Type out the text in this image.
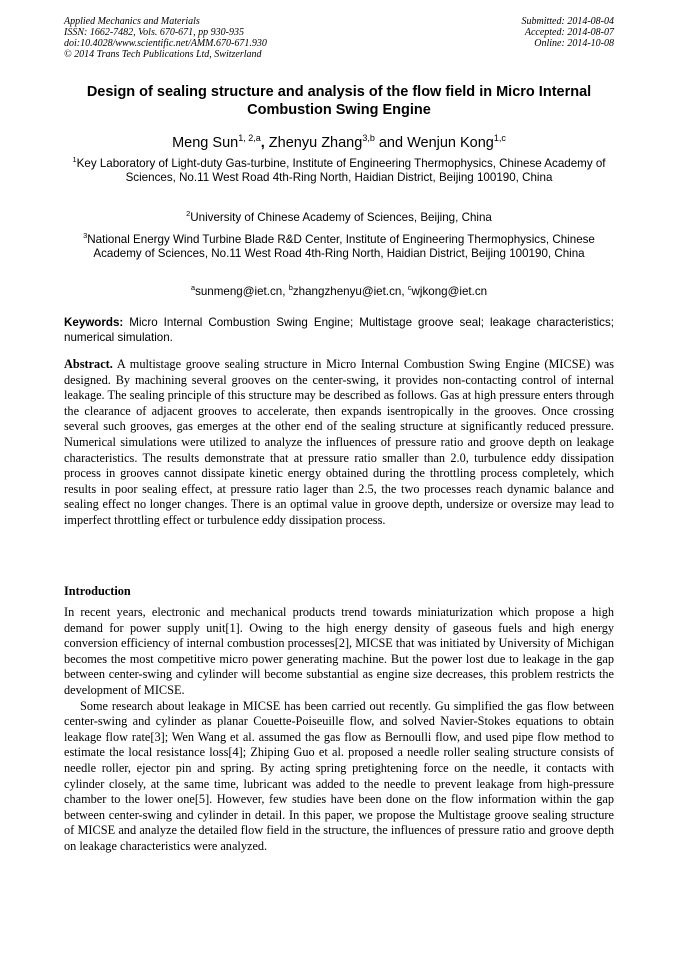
Applied Mechanics and Materials
ISSN: 1662-7482, Vols. 670-671, pp 930-935
doi:10.4028/www.scientific.net/AMM.670-671.930
© 2014 Trans Tech Publications Ltd, Switzerland
Submitted: 2014-08-04
Accepted: 2014-08-07
Online: 2014-10-08
Design of sealing structure and analysis of the flow field in Micro Internal Combustion Swing Engine
Meng Sun$^{1, 2,a}$, Zhenyu Zhang$^{3,b}$ and Wenjun Kong$^{1,c}$
$^1$Key Laboratory of Light-duty Gas-turbine, Institute of Engineering Thermophysics, Chinese Academy of Sciences, No.11 West Road 4th-Ring North, Haidian District, Beijing 100190, China
$^2$University of Chinese Academy of Sciences, Beijing, China
$^3$National Energy Wind Turbine Blade R&D Center, Institute of Engineering Thermophysics, Chinese Academy of Sciences, No.11 West Road 4th-Ring North, Haidian District, Beijing 100190, China
$^a$sunmeng@iet.cn, $^b$zhangzhenyu@iet.cn, $^c$wjkong@iet.cn
Keywords: Micro Internal Combustion Swing Engine; Multistage groove seal; leakage characteristics; numerical simulation.
Abstract. A multistage groove sealing structure in Micro Internal Combustion Swing Engine (MICSE) was designed. By machining several grooves on the center-swing, it provides non-contacting control of internal leakage. The sealing principle of this structure may be described as follows. Gas at high pressure enters through the clearance of adjacent grooves to accelerate, then expands isentropically in the grooves. Once crossing several such grooves, gas emerges at the other end of the sealing structure at significantly reduced pressure. Numerical simulations were utilized to analyze the influences of pressure ratio and groove depth on leakage characteristics. The results demonstrate that at pressure ratio smaller than 2.0, turbulence eddy dissipation process in grooves cannot dissipate kinetic energy obtained during the throttling process completely, which results in poor sealing effect, at pressure ratio lager than 2.5, the two processes reach dynamic balance and sealing effect no longer changes. There is an optimal value in groove depth, undersize or oversize may lead to imperfect throttling effect or turbulence eddy dissipation process.
Introduction

In recent years, electronic and mechanical products trend towards miniaturization which propose a high demand for power supply unit[1]. Owing to the high energy density of gaseous fuels and high energy conversion efficiency of internal combustion processes[2], MICSE that was initiated by University of Michigan becomes the most competitive micro power generating machine. But the power lost due to leakage in the gap between center-swing and cylinder will become substantial as engine size decreases, this problem restricts the development of MICSE.

Some research about leakage in MICSE has been carried out recently. Gu simplified the gas flow between center-swing and cylinder as planar Couette-Poiseuille flow, and solved Navier-Stokes equations to obtain leakage flow rate[3]; Wen Wang et al. assumed the gas flow as Bernoulli flow, and used pipe flow method to estimate the local resistance loss[4]; Zhiping Guo et al. proposed a needle roller sealing structure consists of needle roller, ejector pin and spring. By acting spring pretightening force on the needle, it contacts with cylinder closely, at the same time, lubricant was added to the needle to prevent leakage from high-pressure chamber to the lower one[5]. However, few studies have been done on the flow information within the gap between center-swing and cylinder in detail. In this paper, we propose the Multistage groove sealing structure of MICSE and analyze the detailed flow field in the structure, the influences of pressure ratio and groove depth on leakage characteristics were analyzed.
